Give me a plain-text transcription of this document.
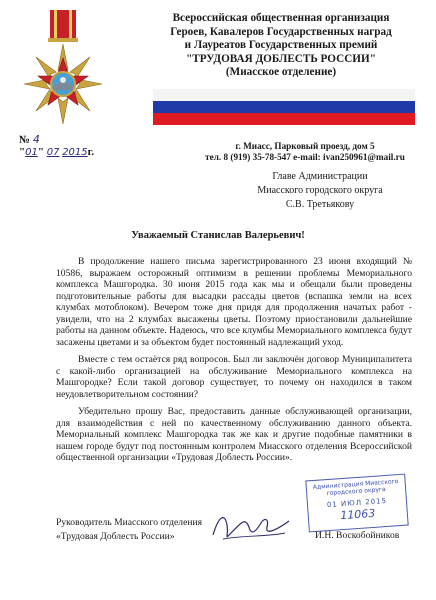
Всероссийская общественная организация
Героев, Кавалеров Государственных наград
и Лауреатов Государственных премий
"ТРУДОВАЯ ДОБЛЕСТЬ РОССИИ"
(Миасское отделение)
№ 4
"01" 07 2015г.	г. Миасс, Парковый проезд, дом 5
тел. 8 (919) 35-78-547 e-mail: ivan250961@mail.ru
Главе Администрации
Миасского городского округа
С.В. Третьякову
Уважаемый Станислав Валерьевич!

В продолжение нашего письма зарегистрированного 23 июня входящий № 10586, выражаем осторожный оптимизм в решении проблемы Мемориального комплекса Машгородка. 30 июня 2015 года как мы и обещали были проведены подготовительные работы для высадки рассады цветов (вспашка земли на всех клумбах мотоблоком). Вечером тоже дня придя для продолжения начатых работ - увидели, что на 2 клумбах высажены цветы. Поэтому приостановили дальнейшие работы на данном объекте. Надеюсь, что все клумбы Мемориального комплекса будут засажены цветами и за объектом будет постоянный надлежащий уход.

Вместе с тем остаётся ряд вопросов. Был ли заключён договор Муниципалитета с какой-либо организацией на обслуживание Мемориального комплекса на Машгородке? Если такой договор существует, то почему он находился в таком неудовлетворительном состоянии?

Убедительно прошу Вас, предоставить данные обслуживающей организации, для взаимодействия с ней по качественному обслуживанию данного объекта. Мемориальный комплекс Машгородка так же как и другие подобные памятники в нашем городе будут под постоянным контролем Миасского отделения Всероссийской общественной организации «Трудовая Доблесть России».

Администрация Миасского городского округа
01 ИЮЛ 2015
11063
Руководитель Миасского отделения
«Трудовая Доблесть России»	И.Н. Воскобойников
